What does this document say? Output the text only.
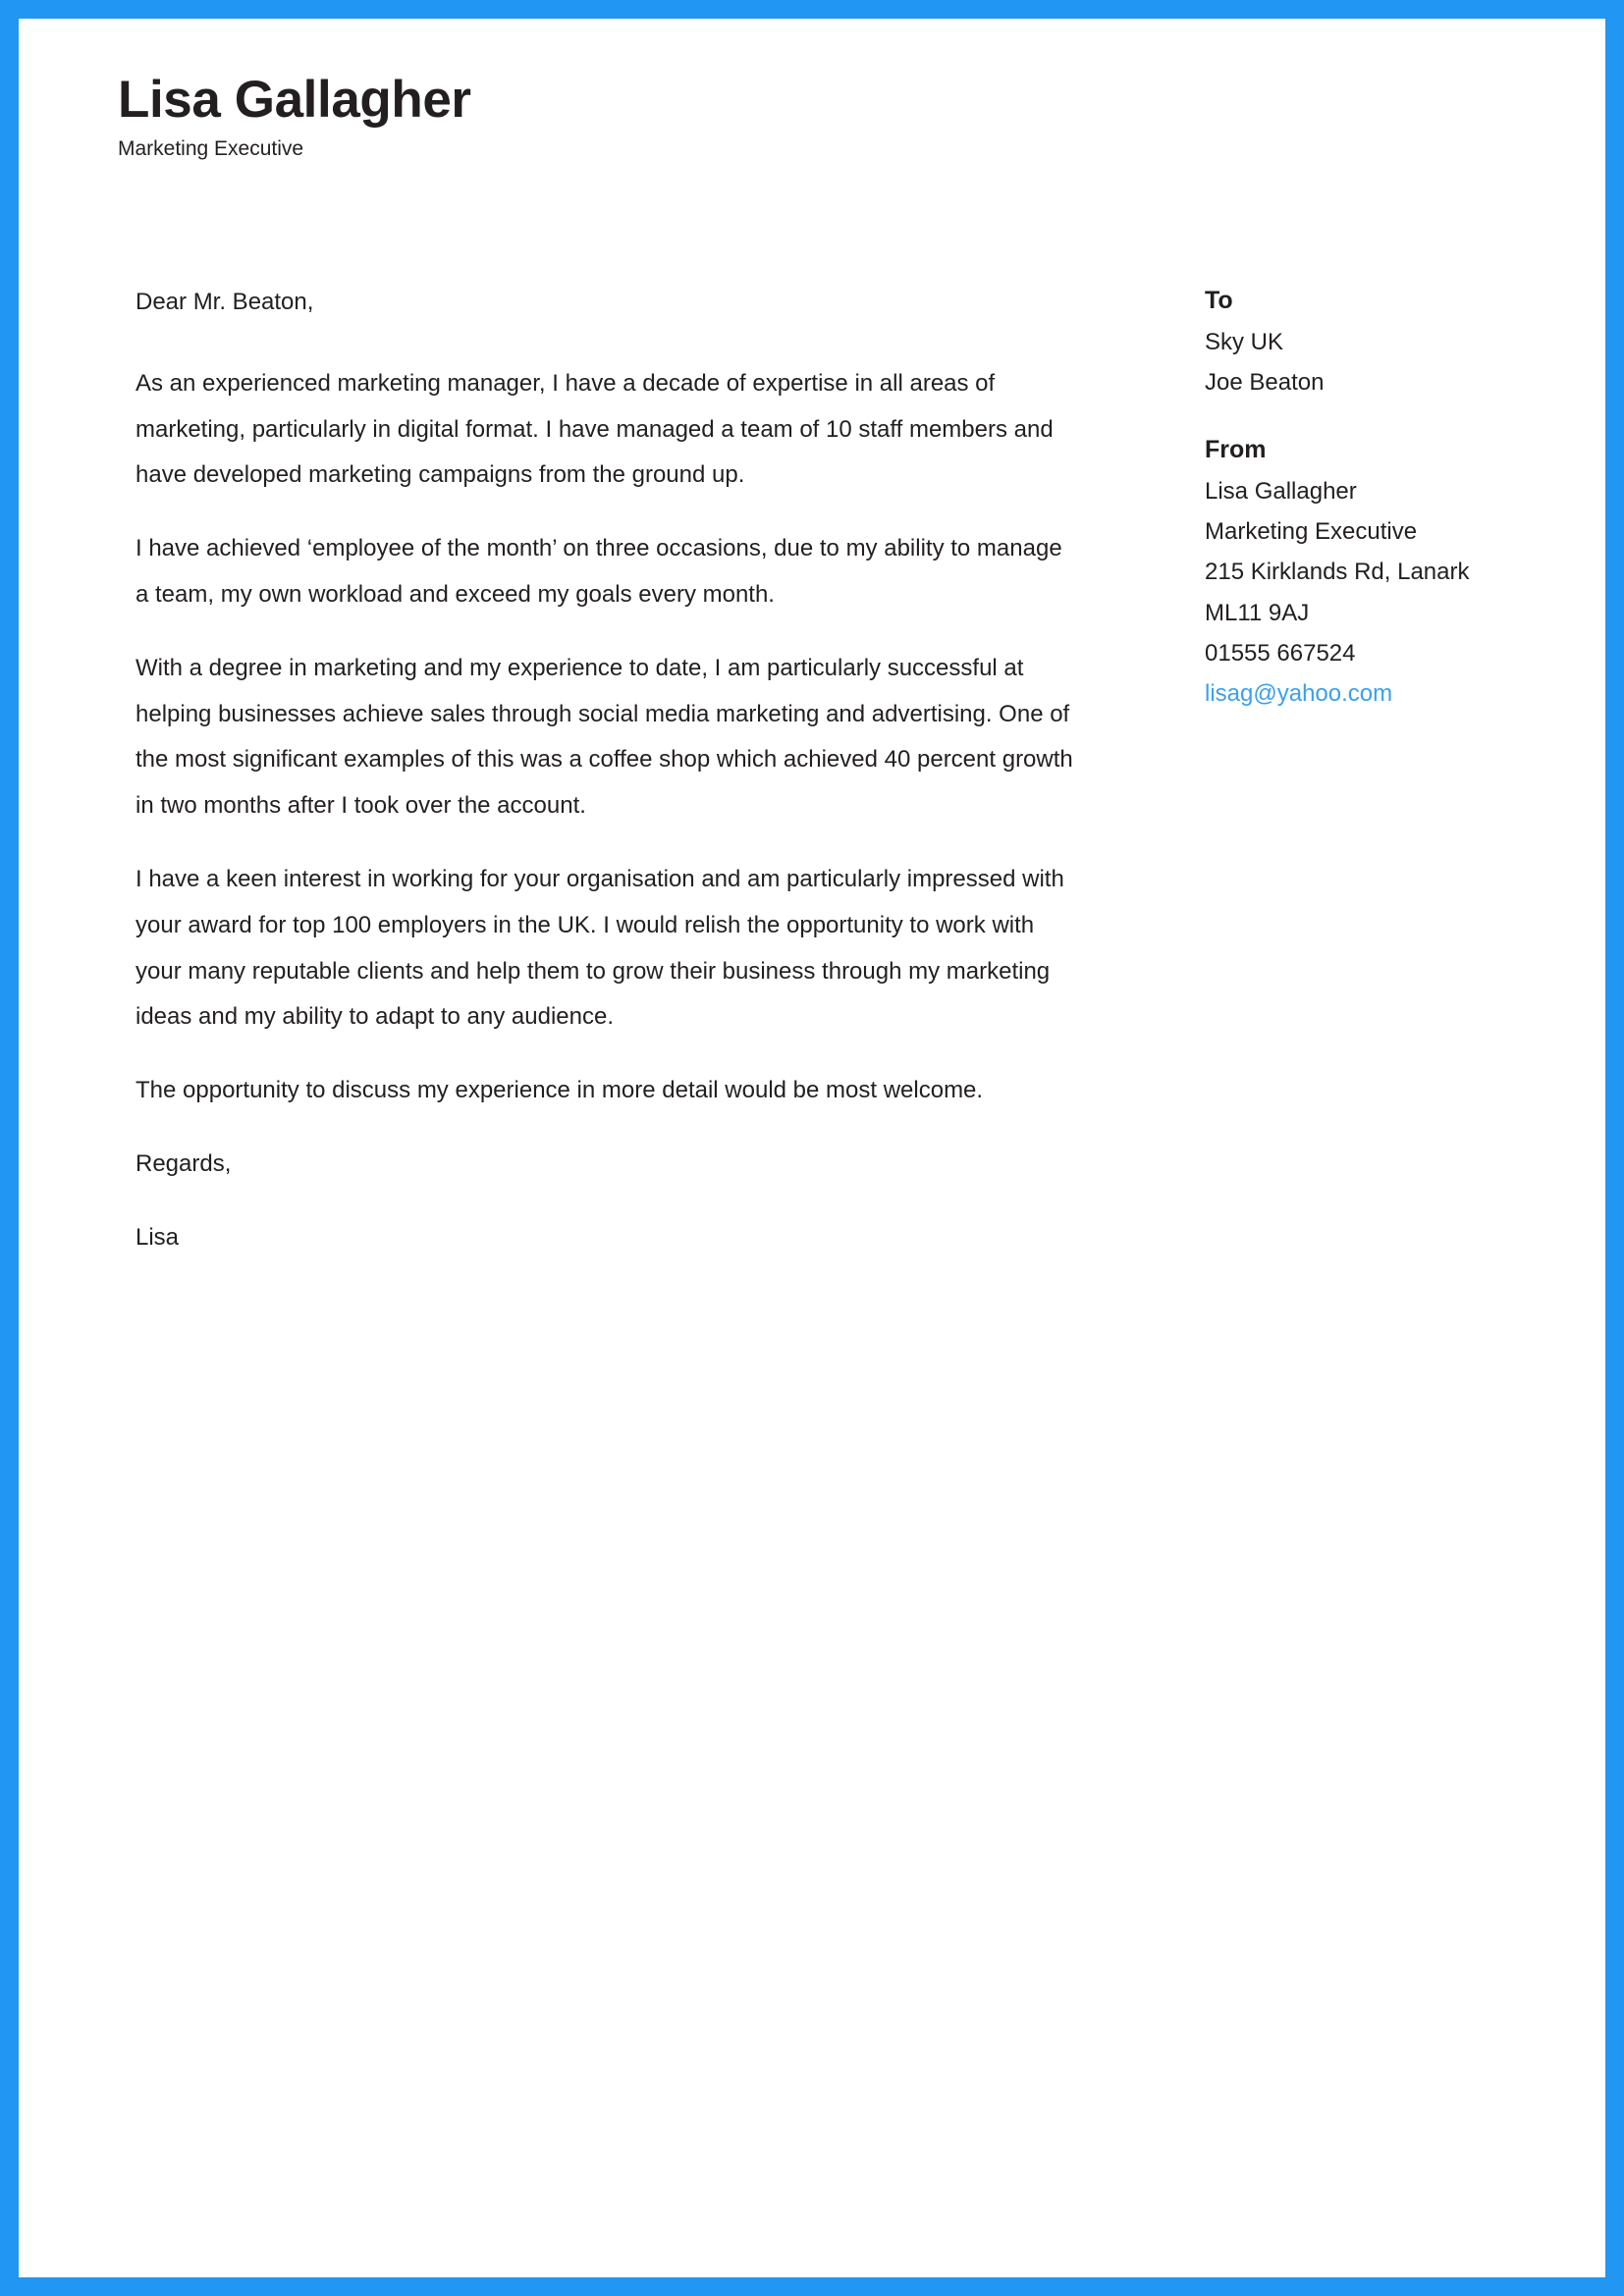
Lisa Gallagher

Marketing Executive

Dear Mr. Beaton,

As an experienced marketing manager, I have a decade of expertise in all areas of marketing, particularly in digital format. I have managed a team of 10 staff members and have developed marketing campaigns from the ground up.

I have achieved ‘employee of the month’ on three occasions, due to my ability to manage a team, my own workload and exceed my goals every month.

With a degree in marketing and my experience to date, I am particularly successful at helping businesses achieve sales through social media marketing and advertising. One of the most significant examples of this was a coffee shop which achieved 40 percent growth in two months after I took over the account.

I have a keen interest in working for your organisation and am particularly impressed with your award for top 100 employers in the UK. I would relish the opportunity to work with your many reputable clients and help them to grow their business through my marketing ideas and my ability to adapt to any audience.

The opportunity to discuss my experience in more detail would be most welcome.

Regards,

Lisa

To

Sky UK

Joe Beaton

From

Lisa Gallagher

Marketing Executive

215 Kirklands Rd, Lanark

ML11 9AJ

01555 667524

lisag@yahoo.com
